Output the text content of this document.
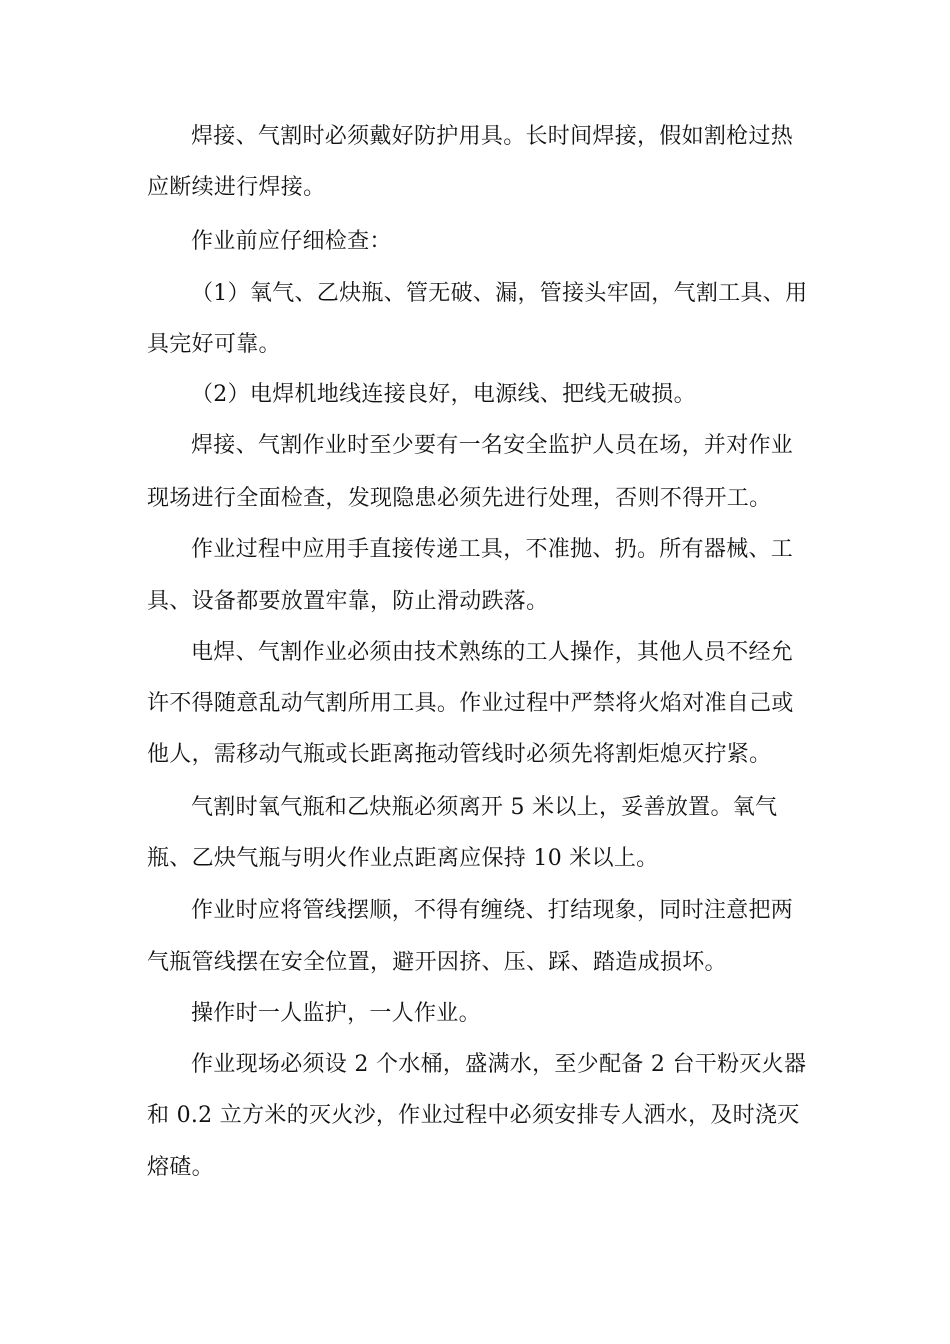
焊接、气割时必须戴好防护用具。长时间焊接，假如割枪过热
应断续进行焊接。
作业前应仔细检查：
（1）氧气、乙炔瓶、管无破、漏，管接头牢固，气割工具、用
具完好可靠。
（2）电焊机地线连接良好，电源线、把线无破损。
焊接、气割作业时至少要有一名安全监护人员在场，并对作业
现场进行全面检查，发现隐患必须先进行处理，否则不得开工。
作业过程中应用手直接传递工具，不准抛、扔。所有器械、工
具、设备都要放置牢靠，防止滑动跌落。
电焊、气割作业必须由技术熟练的工人操作，其他人员不经允
许不得随意乱动气割所用工具。作业过程中严禁将火焰对准自己或
他人，需移动气瓶或长距离拖动管线时必须先将割炬熄灭拧紧。
气割时氧气瓶和乙炔瓶必须离开 5 米以上，妥善放置。氧气
瓶、乙炔气瓶与明火作业点距离应保持 10 米以上。
作业时应将管线摆顺，不得有缠绕、打结现象，同时注意把两
气瓶管线摆在安全位置，避开因挤、压、踩、踏造成损坏。
操作时一人监护，一人作业。
作业现场必须设 2 个水桶，盛满水，至少配备 2 台干粉灭火器
和 0.2 立方米的灭火沙，作业过程中必须安排专人洒水，及时浇灭
熔碴。
